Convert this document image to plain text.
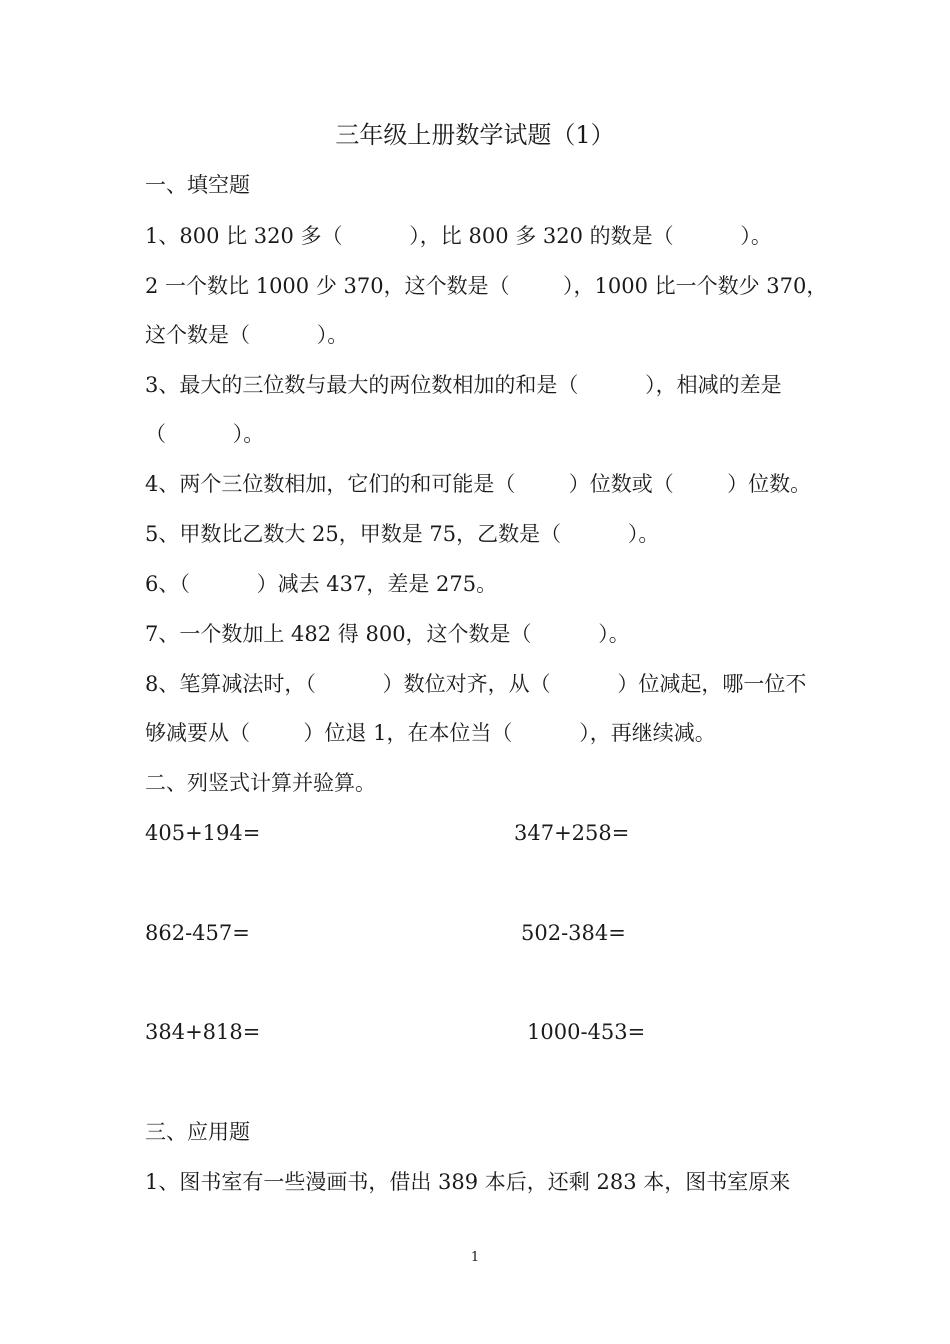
三年级上册数学试题（1）
一、填空题
1、800 比 320 多（          ），比 800 多 320 的数是（          ）。
2 一个数比 1000 少 370，这个数是（        ），1000 比一个数少 370，
这个数是（          ）。
3、最大的三位数与最大的两位数相加的和是（          ），相减的差是
（          ）。
4、两个三位数相加，它们的和可能是（        ）位数或（        ）位数。
5、甲数比乙数大 25，甲数是 75，乙数是（          ）。
6、（          ）减去 437，差是 275。
7、一个数加上 482 得 800，这个数是（          ）。
8、笔算减法时，（          ）数位对齐，从（          ）位减起，哪一位不
够减要从（        ）位退 1，在本位当（          ），再继续减。
二、列竖式计算并验算。
405+194=	347+258=
862-457=	502-384=
384+818=	1000-453=
三、应用题
1、图书室有一些漫画书，借出 389 本后，还剩 283 本，图书室原来
1
